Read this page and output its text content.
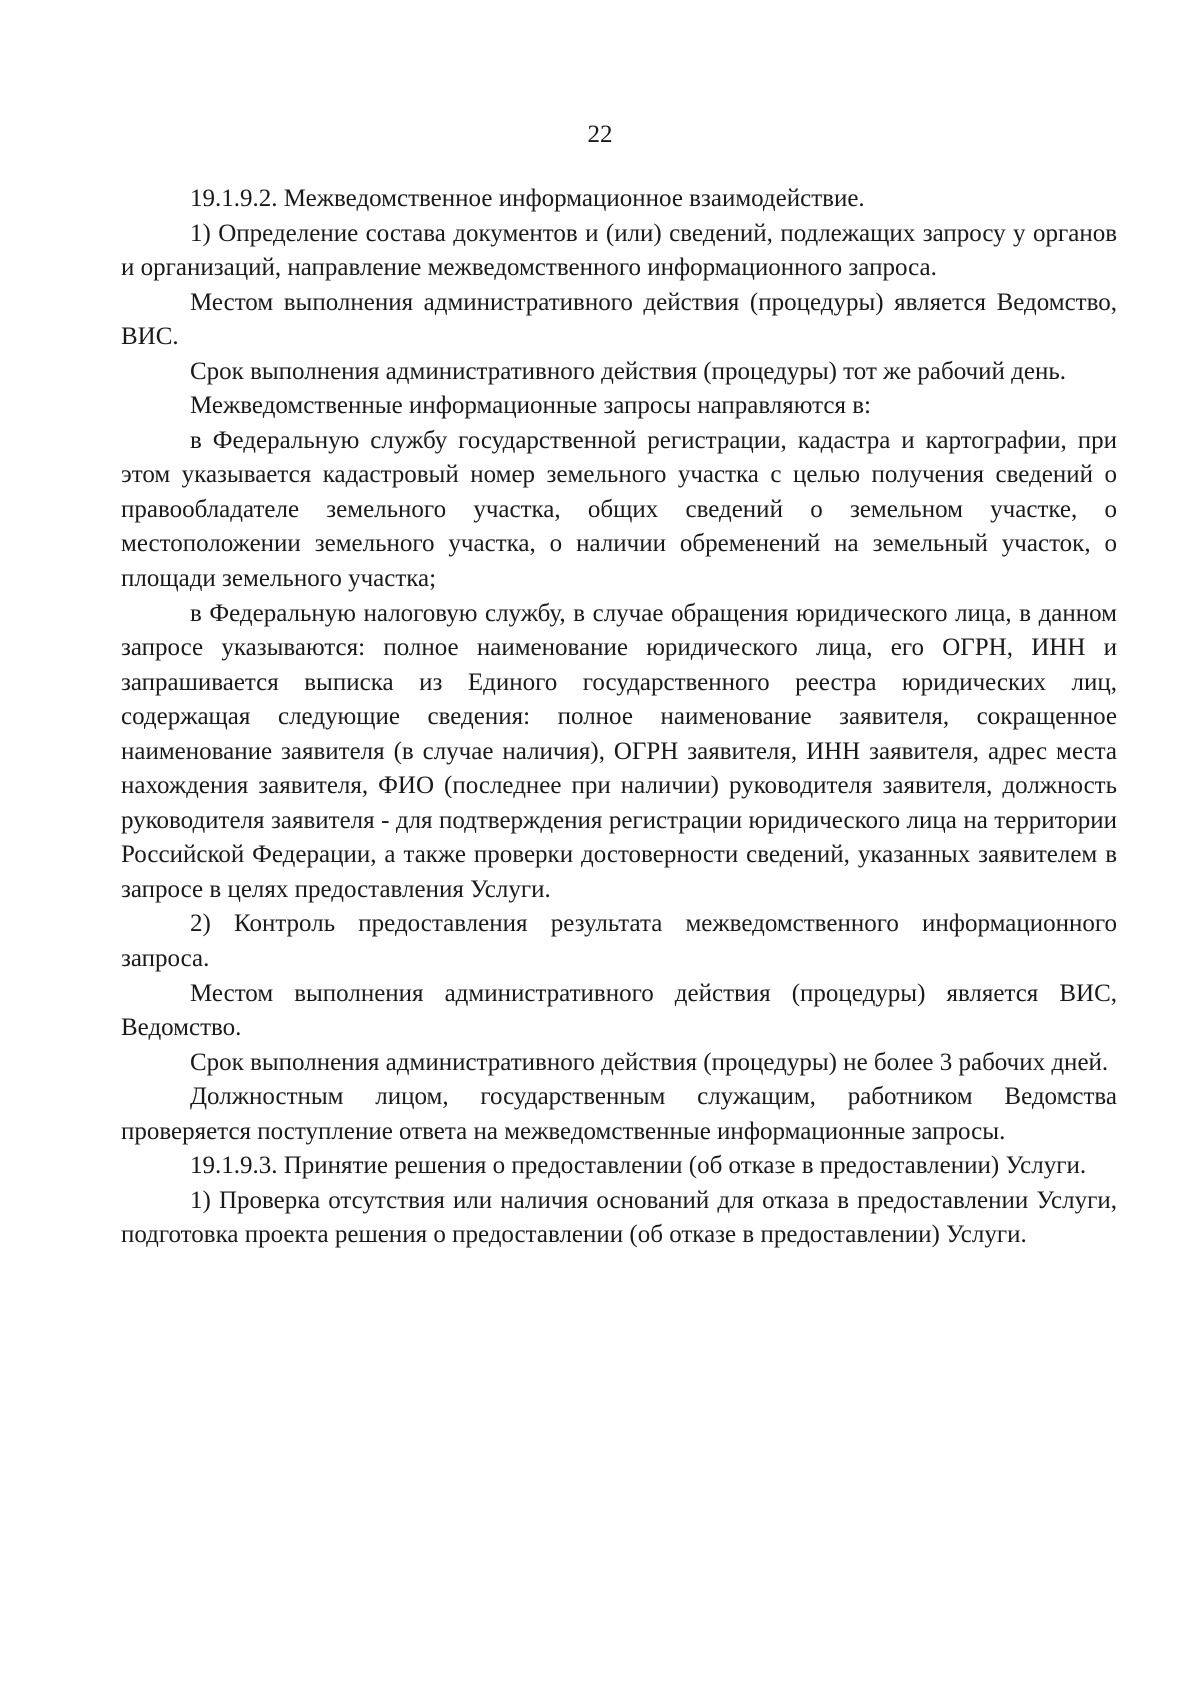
22

19.1.9.2. Межведомственное информационное взаимодействие.

1) Определение состава документов и (или) сведений, подлежащих запросу у органов и организаций, направление межведомственного информационного запроса.

Местом выполнения административного действия (процедуры) является Ведомство, ВИС.

Срок выполнения административного действия (процедуры) тот же рабочий день.

Межведомственные информационные запросы направляются в:

в Федеральную службу государственной регистрации, кадастра и картографии, при этом указывается кадастровый номер земельного участка с целью получения сведений о правообладателе земельного участка, общих сведений о земельном участке, о местоположении земельного участка, о наличии обременений на земельный участок, о площади земельного участка;

в Федеральную налоговую службу, в случае обращения юридического лица, в данном запросе указываются: полное наименование юридического лица, его ОГРН, ИНН и запрашивается выписка из Единого государственного реестра юридических лиц, содержащая следующие сведения: полное наименование заявителя, сокращенное наименование заявителя (в случае наличия), ОГРН заявителя, ИНН заявителя, адрес места нахождения заявителя, ФИО (последнее при наличии) руководителя заявителя, должность руководителя заявителя - для подтверждения регистрации юридического лица на территории Российской Федерации, а также проверки достоверности сведений, указанных заявителем в запросе в целях предоставления Услуги.

2) Контроль предоставления результата межведомственного информационного запроса.

Местом выполнения административного действия (процедуры) является ВИС, Ведомство.

Срок выполнения административного действия (процедуры) не более 3 рабочих дней.

Должностным лицом, государственным служащим, работником Ведомства проверяется поступление ответа на межведомственные информационные запросы.

19.1.9.3. Принятие решения о предоставлении (об отказе в предоставлении) Услуги.

1) Проверка отсутствия или наличия оснований для отказа в предоставлении Услуги, подготовка проекта решения о предоставлении (об отказе в предоставлении) Услуги.
